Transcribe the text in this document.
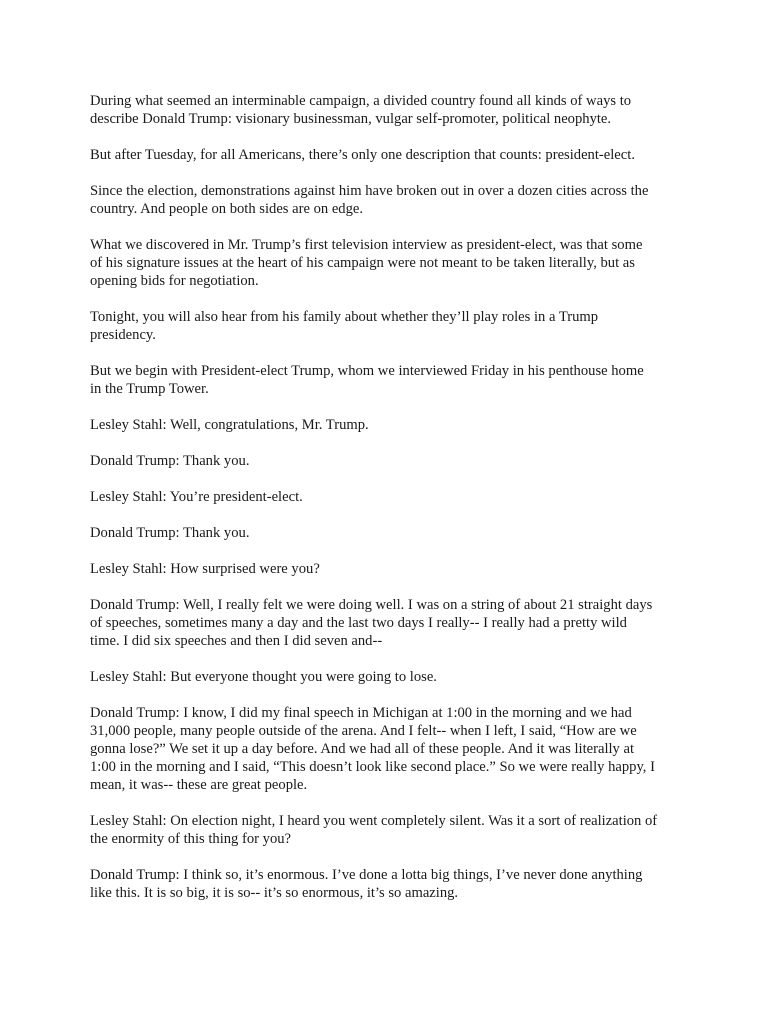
During what seemed an interminable campaign, a divided country found all kinds of ways to
describe Donald Trump: visionary businessman, vulgar self-promoter, political neophyte.

But after Tuesday, for all Americans, there’s only one description that counts: president-elect.

Since the election, demonstrations against him have broken out in over a dozen cities across the
country. And people on both sides are on edge.

What we discovered in Mr. Trump’s first television interview as president-elect, was that some
of his signature issues at the heart of his campaign were not meant to be taken literally, but as
opening bids for negotiation.

Tonight, you will also hear from his family about whether they’ll play roles in a Trump
presidency.

But we begin with President-elect Trump, whom we interviewed Friday in his penthouse home
in the Trump Tower.

Lesley Stahl: Well, congratulations, Mr. Trump.

Donald Trump: Thank you.

Lesley Stahl: You’re president-elect.

Donald Trump: Thank you.

Lesley Stahl: How surprised were you?

Donald Trump: Well, I really felt we were doing well. I was on a string of about 21 straight days
of speeches, sometimes many a day and the last two days I really-- I really had a pretty wild
time. I did six speeches and then I did seven and--

Lesley Stahl: But everyone thought you were going to lose.

Donald Trump: I know, I did my final speech in Michigan at 1:00 in the morning and we had
31,000 people, many people outside of the arena. And I felt-- when I left, I said, “How are we
gonna lose?” We set it up a day before. And we had all of these people. And it was literally at
1:00 in the morning and I said, “This doesn’t look like second place.” So we were really happy, I
mean, it was-- these are great people.

Lesley Stahl: On election night, I heard you went completely silent. Was it a sort of realization of
the enormity of this thing for you?

Donald Trump: I think so, it’s enormous. I’ve done a lotta big things, I’ve never done anything
like this. It is so big, it is so-- it’s so enormous, it’s so amazing.
